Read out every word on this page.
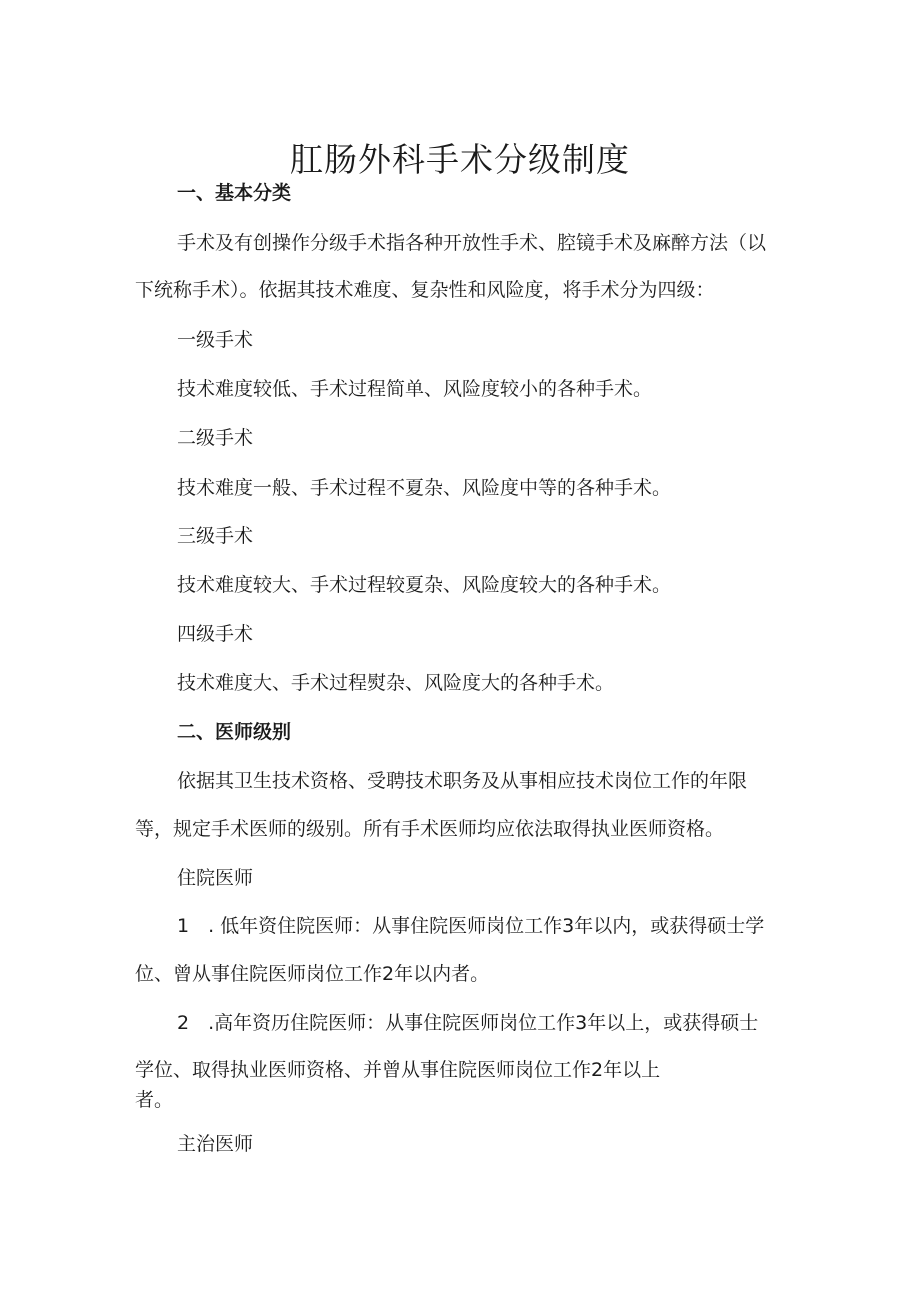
肛肠外科手术分级制度
一、基本分类
手术及有创操作分级手术指各种开放性手术、腔镜手术及麻醉方法（以
下统称手术）。依据其技术难度、复杂性和风险度，将手术分为四级：
一级手术
技术难度较低、手术过程简单、风险度较小的各种手术。
二级手术
技术难度一般、手术过程不夏杂、风险度中等的各种手术。
三级手术
技术难度较大、手术过程较夏杂、风险度较大的各种手术。
四级手术
技术难度大、手术过程熨杂、风险度大的各种手术。
二、医师级别
依据其卫生技术资格、受聘技术职务及从事相应技术岗位工作的年限
等，规定手术医师的级别。所有手术医师均应依法取得执业医师资格。
住院医师
1　. 低年资住院医师：从事住院医师岗位工作3年以内，或获得硕士学
位、曾从事住院医师岗位工作2年以内者。
2　.高年资历住院医师：从事住院医师岗位工作3年以上，或获得硕士
学位、取得执业医师资格、并曾从事住院医师岗位工作2年以上
者。
主治医师
